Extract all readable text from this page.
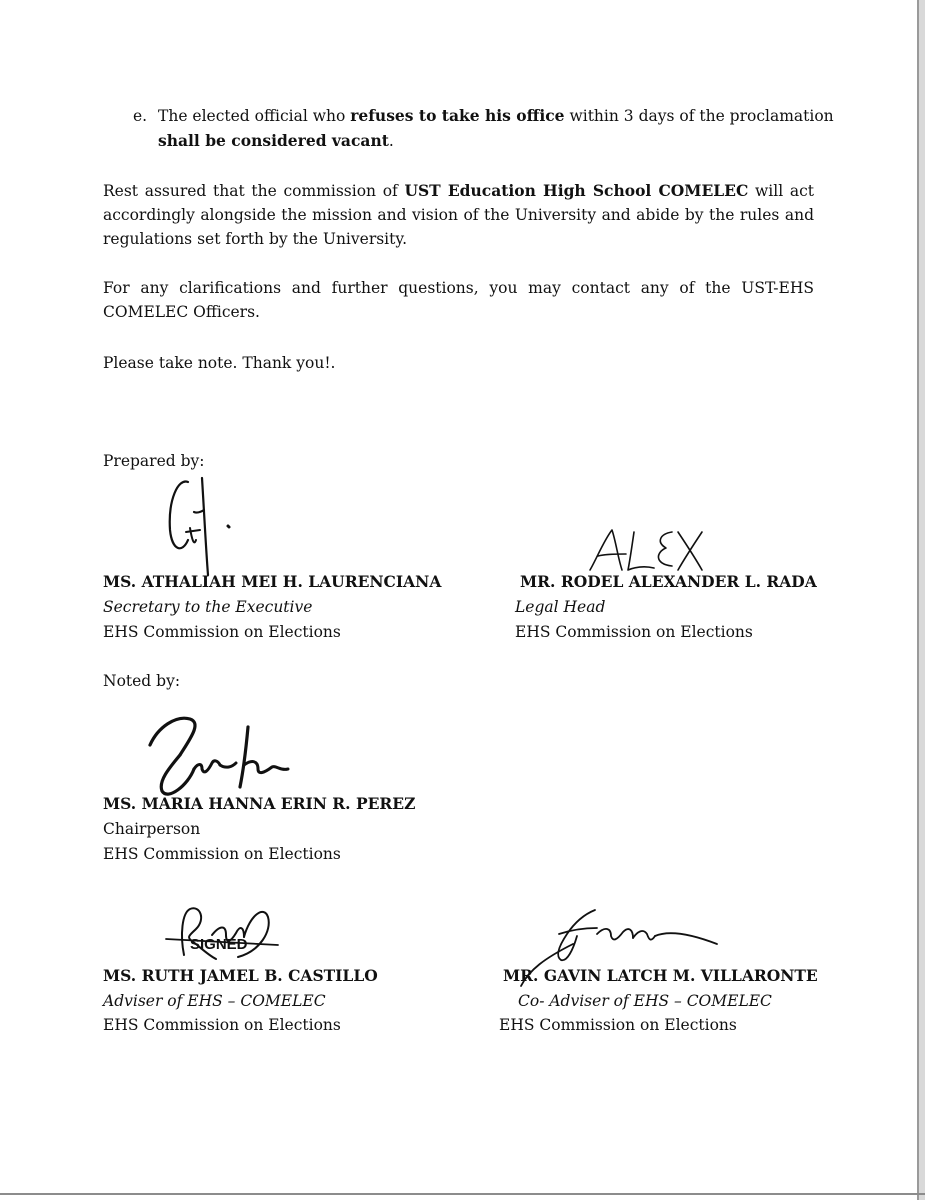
e. The elected official who refuses to take his office within 3 days of the proclamation
shall be considered vacant.
Rest assured that the commission of UST Education High School COMELEC will act accordingly alongside the mission and vision of the University and abide by the rules and regulations set forth by the University.
For any clarifications and further questions, you may contact any of the UST-EHS COMELEC Officers.
Please take note. Thank you!.
Prepared by:
MS. ATHALIAH MEI H. LAURENCIANA
Secretary to the Executive
EHS Commission on Elections
MR. RODEL ALEXANDER L. RADA
Legal Head
EHS Commission on Elections
Noted by:
MS. MARIA HANNA ERIN R. PEREZ
Chairperson
EHS Commission on Elections
SIGNED
MS. RUTH JAMEL B. CASTILLO
Adviser of EHS – COMELEC
EHS Commission on Elections
MR. GAVIN LATCH M. VILLARONTE
Co- Adviser of EHS – COMELEC
EHS Commission on Elections
